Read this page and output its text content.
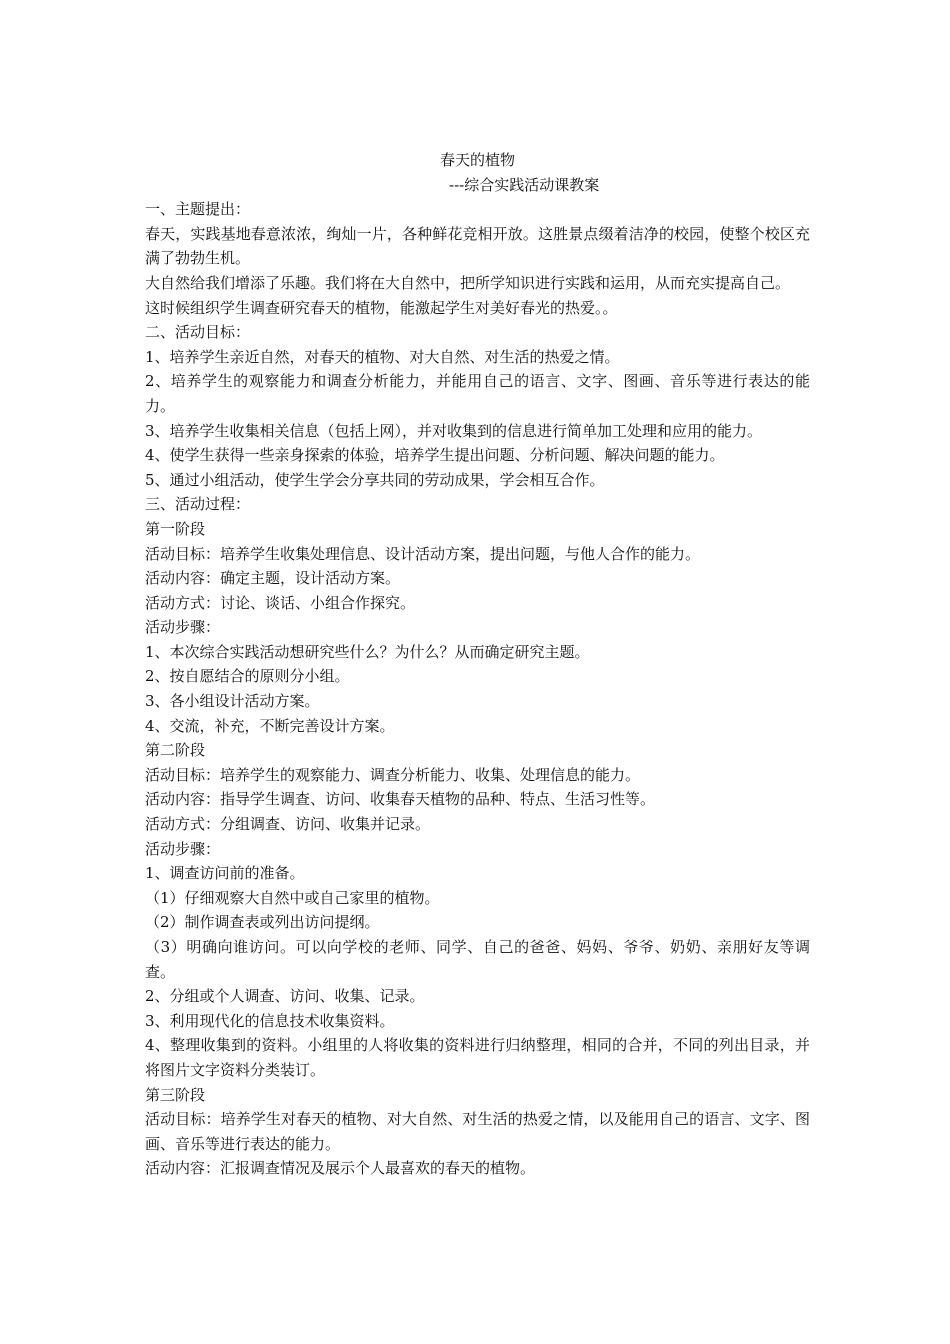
春天的植物

---综合实践活动课教案

一、主题提出：

春天，实践基地春意浓浓，绚灿一片，各种鲜花竞相开放。这胜景点缀着洁净的校园，使整个校区充满了勃勃生机。

大自然给我们增添了乐趣。我们将在大自然中，把所学知识进行实践和运用，从而充实提高自己。

这时候组织学生调查研究春天的植物，能激起学生对美好春光的热爱。。

二、活动目标：

1、培养学生亲近自然，对春天的植物、对大自然、对生活的热爱之情。

2、培养学生的观察能力和调查分析能力，并能用自己的语言、文字、图画、音乐等进行表达的能力。

3、培养学生收集相关信息（包括上网），并对收集到的信息进行简单加工处理和应用的能力。

4、使学生获得一些亲身探索的体验，培养学生提出问题、分析问题、解决问题的能力。

5、通过小组活动，使学生学会分享共同的劳动成果，学会相互合作。

三、活动过程：

第一阶段

活动目标：培养学生收集处理信息、设计活动方案，提出问题，与他人合作的能力。

活动内容：确定主题，设计活动方案。

活动方式：讨论、谈话、小组合作探究。

活动步骤：

1、本次综合实践活动想研究些什么？为什么？从而确定研究主题。

2、按自愿结合的原则分小组。

3、各小组设计活动方案。

4、交流，补充，不断完善设计方案。

第二阶段

活动目标：培养学生的观察能力、调查分析能力、收集、处理信息的能力。

活动内容：指导学生调查、访问、收集春天植物的品种、特点、生活习性等。

活动方式：分组调查、访问、收集并记录。

活动步骤：

1、调查访问前的准备。

（1）仔细观察大自然中或自己家里的植物。

（2）制作调查表或列出访问提纲。

（3）明确向谁访问。可以向学校的老师、同学、自己的爸爸、妈妈、爷爷、奶奶、亲朋好友等调查。

2、分组或个人调查、访问、收集、记录。

3、利用现代化的信息技术收集资料。

4、整理收集到的资料。小组里的人将收集的资料进行归纳整理，相同的合并，不同的列出目录，并将图片文字资料分类装订。

第三阶段

活动目标：培养学生对春天的植物、对大自然、对生活的热爱之情，以及能用自己的语言、文字、图画、音乐等进行表达的能力。

活动内容：汇报调查情况及展示个人最喜欢的春天的植物。
